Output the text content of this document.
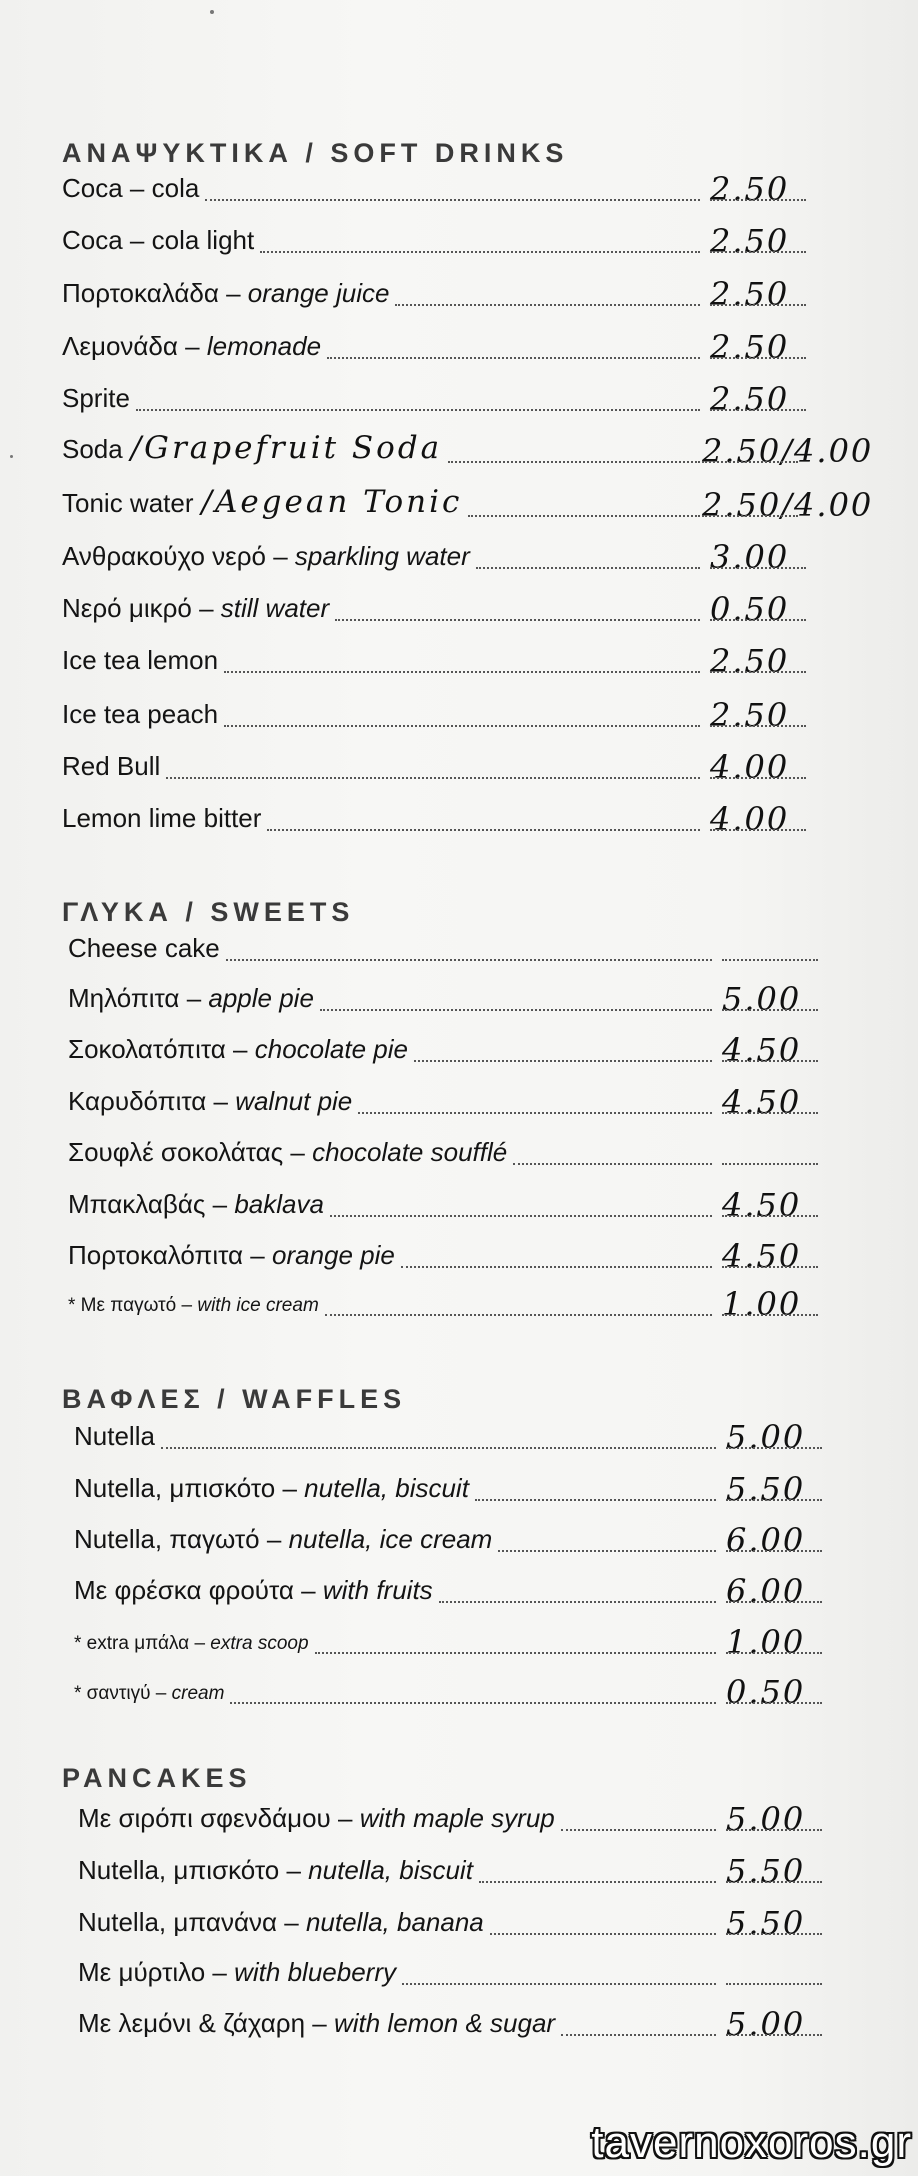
ΑΝΑΨΥΚΤΙΚΑ / SOFT DRINKS
Coca – cola	2.50
Coca – cola light	2.50
Πορτοκαλάδα – orange juice	2.50
Λεμονάδα – lemonade	2.50
Sprite	2.50
Soda /Grapefruit Soda	2.50/4.00
Tonic water /Aegean Tonic	2.50/4.00
Ανθρακούχο νερό – sparkling water	3.00
Νερό μικρό – still water	0.50
Ice tea lemon	2.50
Ice tea peach	2.50
Red Bull	4.00
Lemon lime bitter	4.00
ΓΛΥΚΑ / SWEETS
Cheese cake
Μηλόπιτα – apple pie	5.00
Σοκολατόπιτα – chocolate pie	4.50
Καρυδόπιτα – walnut pie	4.50
Σουφλέ σοκολάτας – chocolate soufflé
Μπακλαβάς – baklava	4.50
Πορτοκαλόπιτα – orange pie	4.50
* Με παγωτό – with ice cream	1.00
ΒΑΦΛΕΣ / WAFFLES
Nutella	5.00
Nutella, μπισκότο – nutella, biscuit	5.50
Nutella, παγωτό – nutella, ice cream	6.00
Με φρέσκα φρούτα – with fruits	6.00
* extra μπάλα – extra scoop	1.00
* σαντιγύ – cream	0.50
PANCAKES
Με σιρόπι σφενδάμου – with maple syrup	5.00
Nutella, μπισκότο – nutella, biscuit	5.50
Nutella, μπανάνα – nutella, banana	5.50
Με μύρτιλο – with blueberry
Με λεμόνι & ζάχαρη – with lemon & sugar	5.00
tavernoxoros.gr
